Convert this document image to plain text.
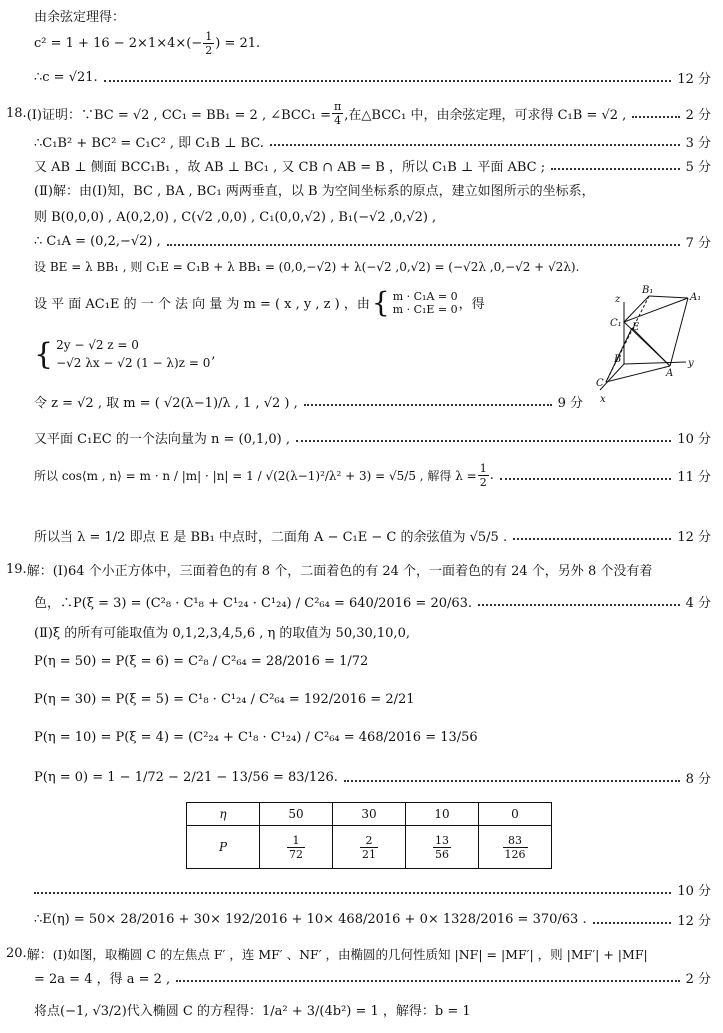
由余弦定理得：
$c^2 = 1 + 16 - 2\times 1\times 4\times(- \frac{1}{2}$ ) = 21.
∴c = √21.	12 分
18. (Ⅰ)证明：∵BC = √2 , CC₁ = BB₁ = 2 , ∠BCC₁ = $\frac{\pi}{4}$ ,在△BCC₁ 中，由余弦定理，可求得 C₁B = √2 ,	2 分
∴C₁B² + BC² = C₁C² , 即 C₁B ⊥ BC.	3 分
又 AB ⊥ 侧面 BCC₁B₁ ，故 AB ⊥ BC₁ , 又 CB ∩ AB = B ，所以 C₁B ⊥ 平面 ABC ;	5 分
(Ⅱ)解：由(Ⅰ)知，BC , BA , BC₁ 两两垂直，以 B 为空间坐标系的原点，建立如图所示的坐标系，
则 B(0,0,0) , A(0,2,0) , C(√2 ,0,0) , C₁(0,0,√2) , B₁(−√2 ,0,√2) ,
∴ C₁A = (0,2,−√2) ,	7 分
设 BE = λ BB₁ , 则 C₁E = C₁B + λ BB₁ = (0,0,−√2) + λ(−√2 ,0,√2) = (−√2λ ,0,−√2 + √2λ).
设 平 面 AC₁E 的 一 个 法 向 量 为 m = ( x , y , z ) ，由 { m · C₁A = 0
m · C₁E = 0 ，得
{ 2y − √2 z = 0
−√2 λx − √2 (1 − λ)z = 0
,
令 z = √2 , 取 m = ( √2(λ−1)/λ , 1 , √2 ) ,	9 分
z
B₁
A₁
C₁ E
B
A
y
C
x
又平面 C₁EC 的一个法向量为 n = (0,1,0) ,	10 分
所以 cos⟨m , n⟩ = m · n / |m| · |n| = 1 / √(2(λ−1)²/λ² + 3) = √5/5 , 解得 $\lambda = \frac{1}{2}$ .	11 分
所以当 λ = 1/2 即点 E 是 BB₁ 中点时，二面角 A − C₁E − C 的余弦值为 √5/5 .	12 分
19. 解： (Ⅰ)64 个小正方体中，三面着色的有 8 个，二面着色的有 24 个，一面着色的有 24 个，另外 8 个没有着
色，∴P(ξ = 3) = (C²₈ · C¹₈ + C¹₂₄ · C¹₂₄) / C²₆₄ = 640/2016 = 20/63.	4 分
(Ⅱ)ξ 的所有可能取值为 0,1,2,3,4,5,6 , η 的取值为 50,30,10,0,
P(η = 50) = P(ξ = 6) = C²₈ / C²₆₄ = 28/2016 = 1/72
P(η = 30) = P(ξ = 5) = C¹₈ · C¹₂₄ / C²₆₄ = 192/2016 = 2/21
P(η = 10) = P(ξ = 4) = (C²₂₄ + C¹₈ · C¹₂₄) / C²₆₄ = 468/2016 = 13/56
P(η = 0) = 1 − 1/72 − 2/21 − 13/56 = 83/126.	8 分
η	50	30	10	0
P	$\frac{1}{72}$	$\frac{2}{21}$	$\frac{13}{56}$	$\frac{83}{126}$
10 分
∴E(η) = 50× 28/2016 + 30× 192/2016 + 10× 468/2016 + 0× 1328/2016 = 370/63 .	12 分
20. 解： (Ⅰ)如图，取椭圆 C 的左焦点 F′ ，连 MF′ 、NF′ ，由椭圆的几何性质知 |NF| = |MF′| ，则 |MF′| + |MF|
= 2a = 4 ，得 a = 2 ,	2 分
将点(−1, √3/2)代入椭圆 C 的方程得：1/a² + 3/(4b²) = 1 ，解得：b = 1
